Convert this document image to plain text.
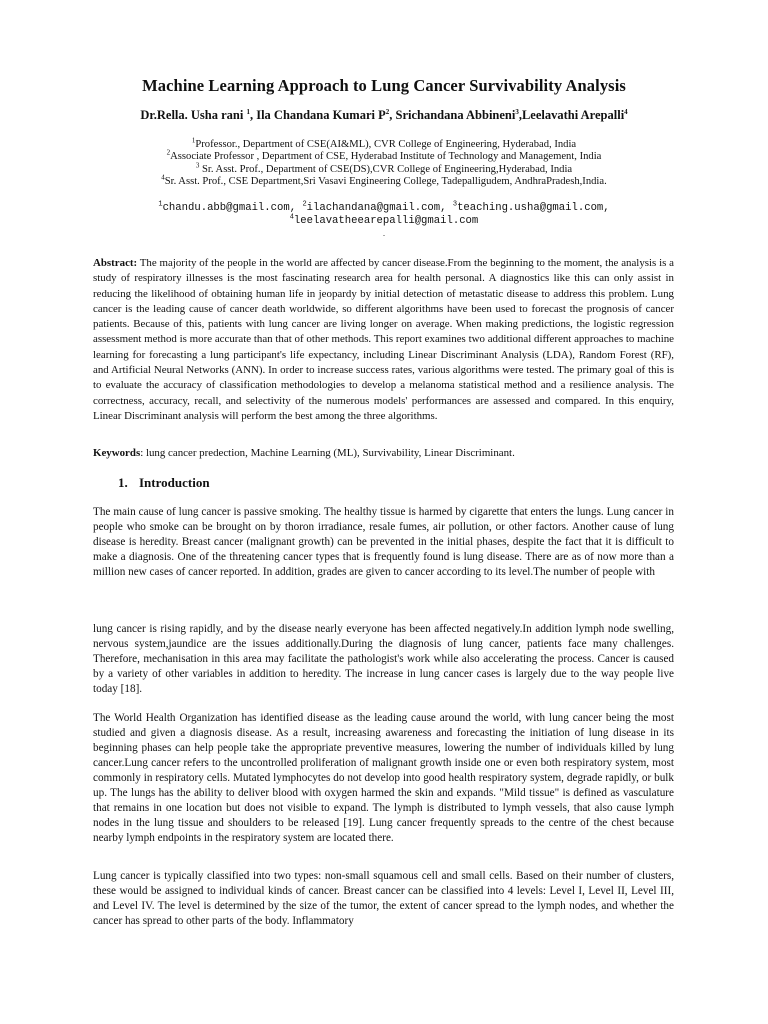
Machine Learning Approach to Lung Cancer Survivability Analysis
Dr.Rella. Usha rani $^1$, Ila Chandana Kumari $P^2$, Srichandana Abbineni$^3$,Leelavathi Arepalli$^4$
$^1$Professor., Department of CSE(AI&ML), CVR College of Engineering, Hyderabad, India
$^2$Associate Professor , Department of CSE, Hyderabad Institute of Technology and Management, India
$^3$ Sr. Asst. Prof., Department of CSE(DS),CVR College of Engineering,Hyderabad, India
$^4$Sr. Asst. Prof., CSE Department,Sri Vasavi Engineering College, Tadepalligudem, AndhraPradesh,India.
$^1$chandu.abb@gmail.com, $^2$ilachandana@gmail.com, $^3$teaching.usha@gmail.com,
$^4$leelavatheearepalli@gmail.com
.
Abstract: The majority of the people in the world are affected by cancer disease.From the beginning to the moment, the analysis is a study of respiratory illnesses is the most fascinating research area for health personal. A diagnostics like this can only assist in reducing the likelihood of obtaining human life in jeopardy by initial detection of metastatic disease to address this problem. Lung cancer is the leading cause of cancer death worldwide, so different algorithms have been used to forecast the prognosis of cancer patients. Because of this, patients with lung cancer are living longer on average. When making predictions, the logistic regression assessment method is more accurate than that of other methods. This report examines two additional different approaches to machine learning for forecasting a lung participant's life expectancy, including Linear Discriminant Analysis (LDA), Random Forest (RF), and Artificial Neural Networks (ANN). In order to increase success rates, various algorithms were tested. The primary goal of this is to evaluate the accuracy of classification methodologies to develop a melanoma statistical method and a resilience analysis. The correctness, accuracy, recall, and selectivity of the numerous models' performances are assessed and compared. In this enquiry, Linear Discriminant analysis will perform the best among the three algorithms.
Keywords: lung cancer predection, Machine Learning (ML), Survivability, Linear Discriminant.
1. Introduction
The main cause of lung cancer is passive smoking. The healthy tissue is harmed by cigarette that enters the lungs. Lung cancer in people who smoke can be brought on by thoron irradiance, resale fumes, air pollution, or other factors. Another cause of lung disease is heredity. Breast cancer (malignant growth) can be prevented in the initial phases, despite the fact that it is difficult to make a diagnosis. One of the threatening cancer types that is frequently found is lung disease. There are as of now more than a million new cases of cancer reported. In addition, grades are given to cancer according to its level.The number of people with
lung cancer is rising rapidly, and by the disease nearly everyone has been affected negatively.In addition lymph node swelling, nervous system,jaundice are the issues additionally.During the diagnosis of lung cancer, patients face many challenges. Therefore, mechanisation in this area may facilitate the pathologist's work while also accelerating the process. Cancer is caused by a variety of other variables in addition to heredity. The increase in lung cancer cases is largely due to the way people live today [18].
The World Health Organization has identified disease as the leading cause around the world, with lung cancer being the most studied and given a diagnosis disease. As a result, increasing awareness and forecasting the initiation of lung disease in its beginning phases can help people take the appropriate preventive measures, lowering the number of individuals killed by lung cancer.Lung cancer refers to the uncontrolled proliferation of malignant growth inside one or even both respiratory system, most commonly in respiratory cells. Mutated lymphocytes do not develop into good health respiratory system, degrade rapidly, or bulk up. The lungs has the ability to deliver blood with oxygen harmed the skin and expands. "Mild tissue" is defined as vasculature that remains in one location but does not visible to expand. The lymph is distributed to lymph vessels, that also cause lymph nodes in the lung tissue and shoulders to be released [19]. Lung cancer frequently spreads to the centre of the chest because nearby lymph endpoints in the respiratory system are located there.
Lung cancer is typically classified into two types: non-small squamous cell and small cells. Based on their number of clusters, these would be assigned to individual kinds of cancer. Breast cancer can be classified into 4 levels: Level I, Level II, Level III, and Level IV. The level is determined by the size of the tumor, the extent of cancer spread to the lymph nodes, and whether the cancer has spread to other parts of the body. Inflammatory
